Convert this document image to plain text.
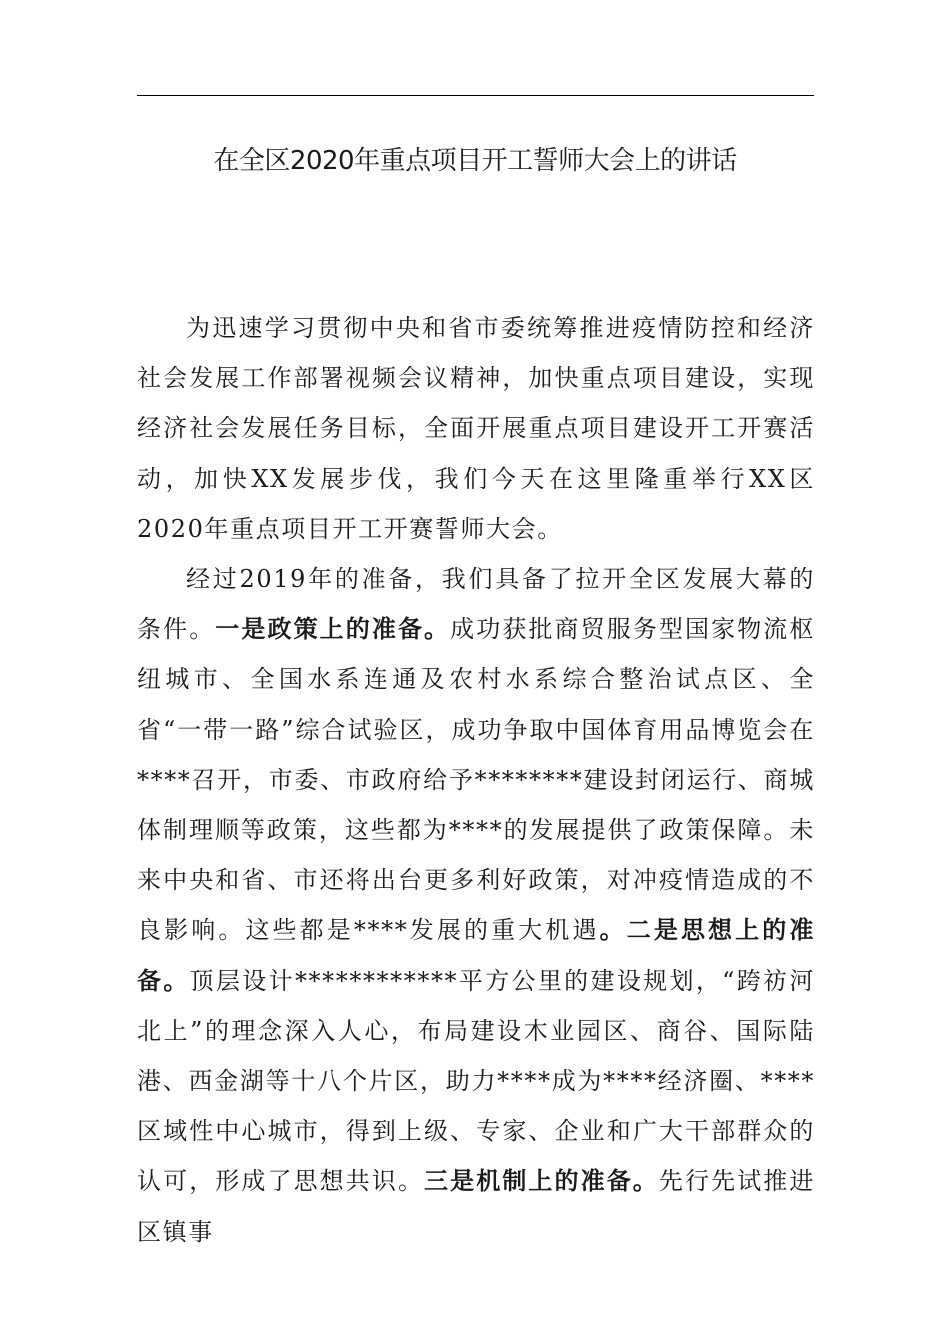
在全区2020年重点项目开工誓师大会上的讲话

为迅速学习贯彻中央和省市委统筹推进疫情防控和经济社会发展工作部署视频会议精神，加快重点项目建设，实现经济社会发展任务目标，全面开展重点项目建设开工开赛活动，加快XX发展步伐，我们今天在这里隆重举行XX区2020年重点项目开工开赛誓师大会。

经过2019年的准备，我们具备了拉开全区发展大幕的条件。一是政策上的准备。成功获批商贸服务型国家物流枢纽城市、全国水系连通及农村水系综合整治试点区、全省“一带一路”综合试验区，成功争取中国体育用品博览会在****召开，市委、市政府给予********建设封闭运行、商城体制理顺等政策，这些都为****的发展提供了政策保障。未来中央和省、市还将出台更多利好政策，对冲疫情造成的不良影响。这些都是****发展的重大机遇。二是思想上的准备。顶层设计************平方公里的建设规划，“跨祊河北上”的理念深入人心，布局建设木业园区、商谷、国际陆港、西金湖等十八个片区，助力****成为****经济圈、****区域性中心城市，得到上级、专家、企业和广大干部群众的认可，形成了思想共识。三是机制上的准备。先行先试推进区镇事
